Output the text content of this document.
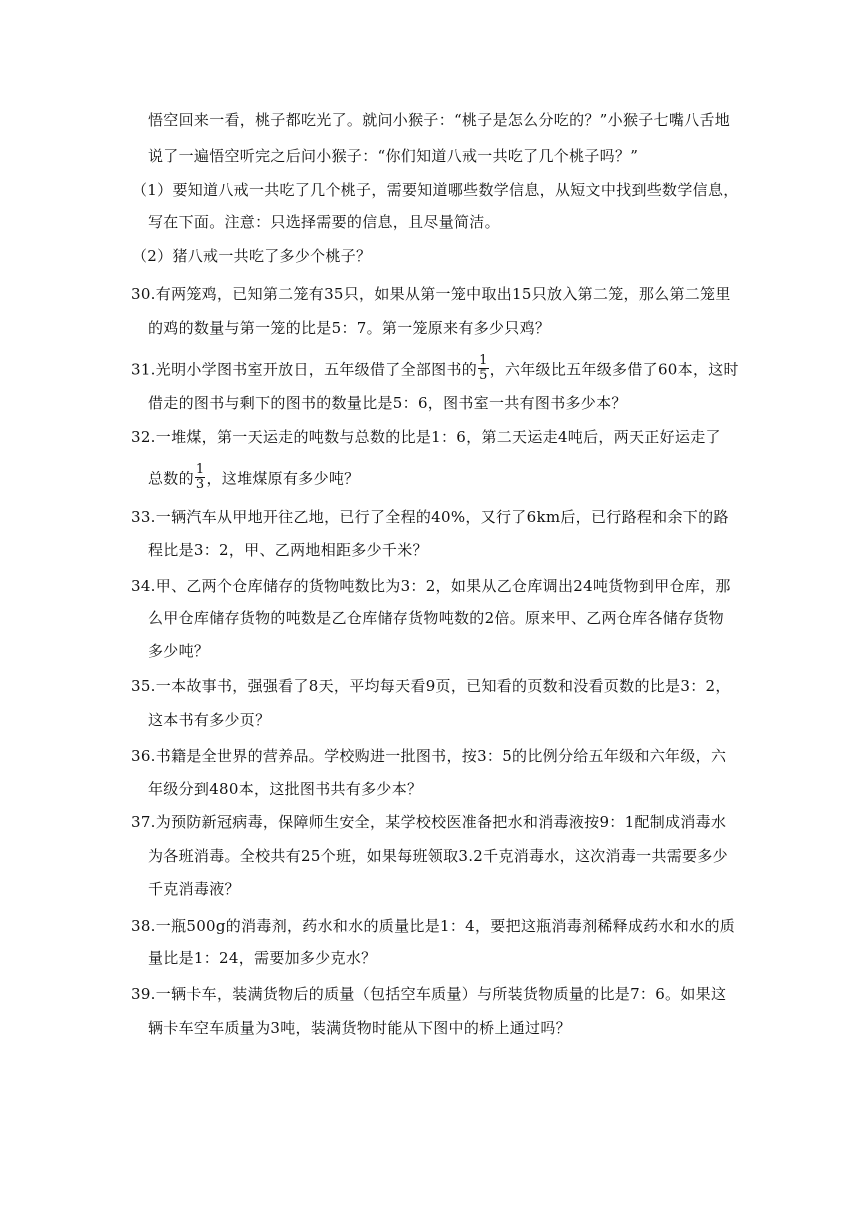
悟空回来一看，桃子都吃光了。就问小猴子：“桃子是怎么分吃的？”小猴子七嘴八舌地
说了一遍悟空听完之后问小猴子：“你们知道八戒一共吃了几个桃子吗？”
（1）要知道八戒一共吃了几个桃子，需要知道哪些数学信息，从短文中找到些数学信息，
写在下面。注意：只选择需要的信息，且尽量简洁。
（2）猪八戒一共吃了多少个桃子？
30.有两笼鸡，已知第二笼有35只，如果从第一笼中取出15只放入第二笼，那么第二笼里
的鸡的数量与第一笼的比是5：7。第一笼原来有多少只鸡？
31.光明小学图书室开放日，五年级借了全部图书的 $\frac{1}{5}$ ，六年级比五年级多借了60本，这时
借走的图书与剩下的图书的数量比是5：6，图书室一共有图书多少本？
32.一堆煤，第一天运走的吨数与总数的比是1：6，第二天运走4吨后，两天正好运走了
总数的 $\frac{1}{3}$ ，这堆煤原有多少吨？
33.一辆汽车从甲地开往乙地，已行了全程的40%，又行了6km后，已行路程和余下的路
程比是3：2，甲、乙两地相距多少千米？
34.甲、乙两个仓库储存的货物吨数比为3：2，如果从乙仓库调出24吨货物到甲仓库，那
么甲仓库储存货物的吨数是乙仓库储存货物吨数的2倍。原来甲、乙两仓库各储存货物
多少吨？
35.一本故事书，强强看了8天，平均每天看9页，已知看的页数和没看页数的比是3：2，
这本书有多少页？
36.书籍是全世界的营养品。学校购进一批图书，按3：5的比例分给五年级和六年级，六
年级分到480本，这批图书共有多少本？
37.为预防新冠病毒，保障师生安全，某学校校医准备把水和消毒液按9：1配制成消毒水
为各班消毒。全校共有25个班，如果每班领取3.2千克消毒水，这次消毒一共需要多少
千克消毒液？
38.一瓶500g的消毒剂，药水和水的质量比是1：4，要把这瓶消毒剂稀释成药水和水的质
量比是1：24，需要加多少克水？
39.一辆卡车，装满货物后的质量（包括空车质量）与所装货物质量的比是7：6。如果这
辆卡车空车质量为3吨，装满货物时能从下图中的桥上通过吗？
